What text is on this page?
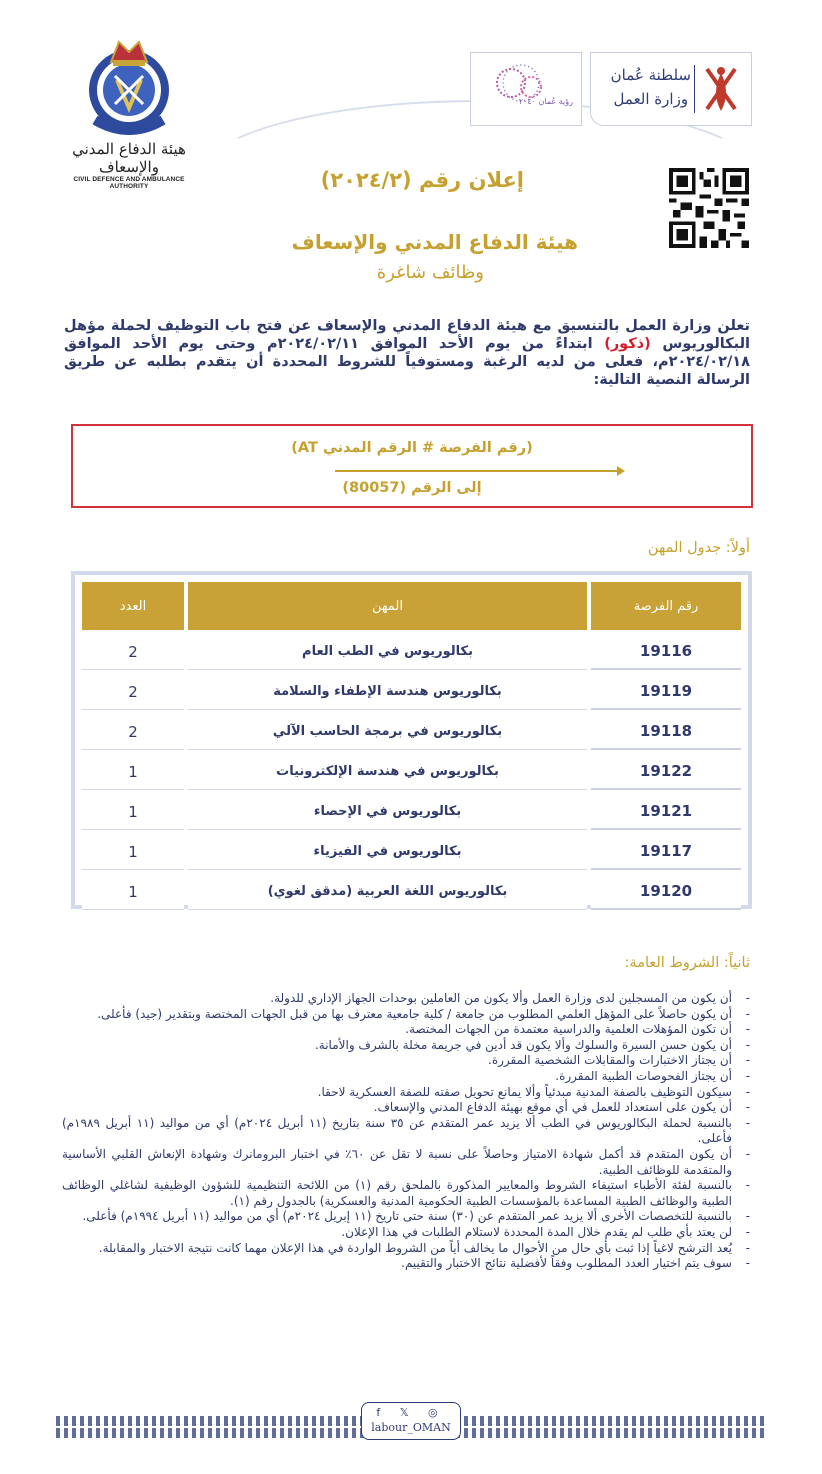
هيئة الدفاع المدني والإسعاف
CIVIL DEFENCE AND AMBULANCE AUTHORITY
رؤية عُمان ٢٠٤٠
سلطنة عُمان
وزارة العمل
إعلان رقم (٢٠٢٤/٢)
هيئة الدفاع المدني والإسعاف
وظائف شاغرة
تعلن وزارة العمل بالتنسيق مع هيئة الدفاع المدني والإسعاف عن فتح باب التوظيف لحملة مؤهل البكالوريوس (ذكور) ابتداءً من يوم الأحد الموافق ٢٠٢٤/٠٢/١١م وحتى يوم الأحد الموافق ٢٠٢٤/٠٢/١٨م، فعلى من لديه الرغبة ومستوفياً للشروط المحددة أن يتقدم بطلبه عن طريق الرسالة النصية التالية:
(رقم الفرصة # الرقم المدني AT)
إلى الرقم (80057)
أولاً: جدول المهن
رقم الفرصة	المهن	العدد
19116	بكالوريوس في الطب العام	2
19119	بكالوريوس هندسة الإطفاء والسلامة	2
19118	بكالوريوس في برمجة الحاسب الآلي	2
19122	بكالوريوس في هندسة الإلكترونيات	1
19121	بكالوريوس في الإحصاء	1
19117	بكالوريوس في الفيزياء	1
19120	بكالوريوس اللغة العربية (مدقق لغوي)	1
ثانياً: الشروط العامة:
- أن يكون من المسجلين لدى وزارة العمل وألا يكون من العاملين بوحدات الجهاز الإداري للدولة.
- أن يكون حاصلاً على المؤهل العلمي المطلوب من جامعة / كلية جامعية معترف بها من قبل الجهات المختصة وبتقدير (جيد) فأعلى.
- أن تكون المؤهلات العلمية والدراسية معتمدة من الجهات المختصة.
- أن يكون حسن السيرة والسلوك وألا يكون قد أدين في جريمة مخلة بالشرف والأمانة.
- أن يجتاز الاختبارات والمقابلات الشخصية المقررة.
- أن يجتاز الفحوصات الطبية المقررة.
- سيكون التوظيف بالصفة المدنية مبدئياً وألا يمانع تحويل صفته للصفة العسكرية لاحقا.
- أن يكون على استعداد للعمل في أي موقع بهيئة الدفاع المدني والإسعاف.
- بالنسبة لحملة البكالوريوس في الطب ألا يزيد عمر المتقدم عن ٣٥ سنة بتاريخ (١١ أبريل ٢٠٢٤م) أي من مواليد (١١ أبريل ١٩٨٩م) فأعلى.
- أن يكون المتقدم قد أكمل شهادة الامتياز وحاصلاً على نسبة لا تقل عن ٦٠٪ في اختبار البرومانرك وشهادة الإنعاش القلبي الأساسية والمتقدمة للوظائف الطبية.
- بالنسبة لفئة الأطباء استيفاء الشروط والمعايير المذكورة بالملحق رقم (١) من اللائحة التنظيمية للشؤون الوظيفية لشاغلي الوظائف الطبية والوظائف الطبية المساعدة بالمؤسسات الطبية الحكومية المدنية والعسكرية) بالجدول رقم (١).
- بالنسبة للتخصصات الأخرى ألا يزيد عمر المتقدم عن (٣٠) سنة حتى تاريخ (١١ إبريل ٢٠٢٤م) أي من مواليد (١١ أبريل ١٩٩٤م) فأعلى.
- لن يعتد بأي طلب لم يقدم خلال المدة المحددة لاستلام الطلبات في هذا الإعلان.
- يُعد الترشح لاغياً إذا ثبت بأي حال من الأحوال ما يخالف أياً من الشروط الواردة في هذا الإعلان مهما كانت نتيجة الاختبار والمقابلة.
- سوف يتم اختيار العدد المطلوب وفقاً لأفضلية نتائج الاختبار والتقييم.
f 𝕏 ◎
labour_OMAN
